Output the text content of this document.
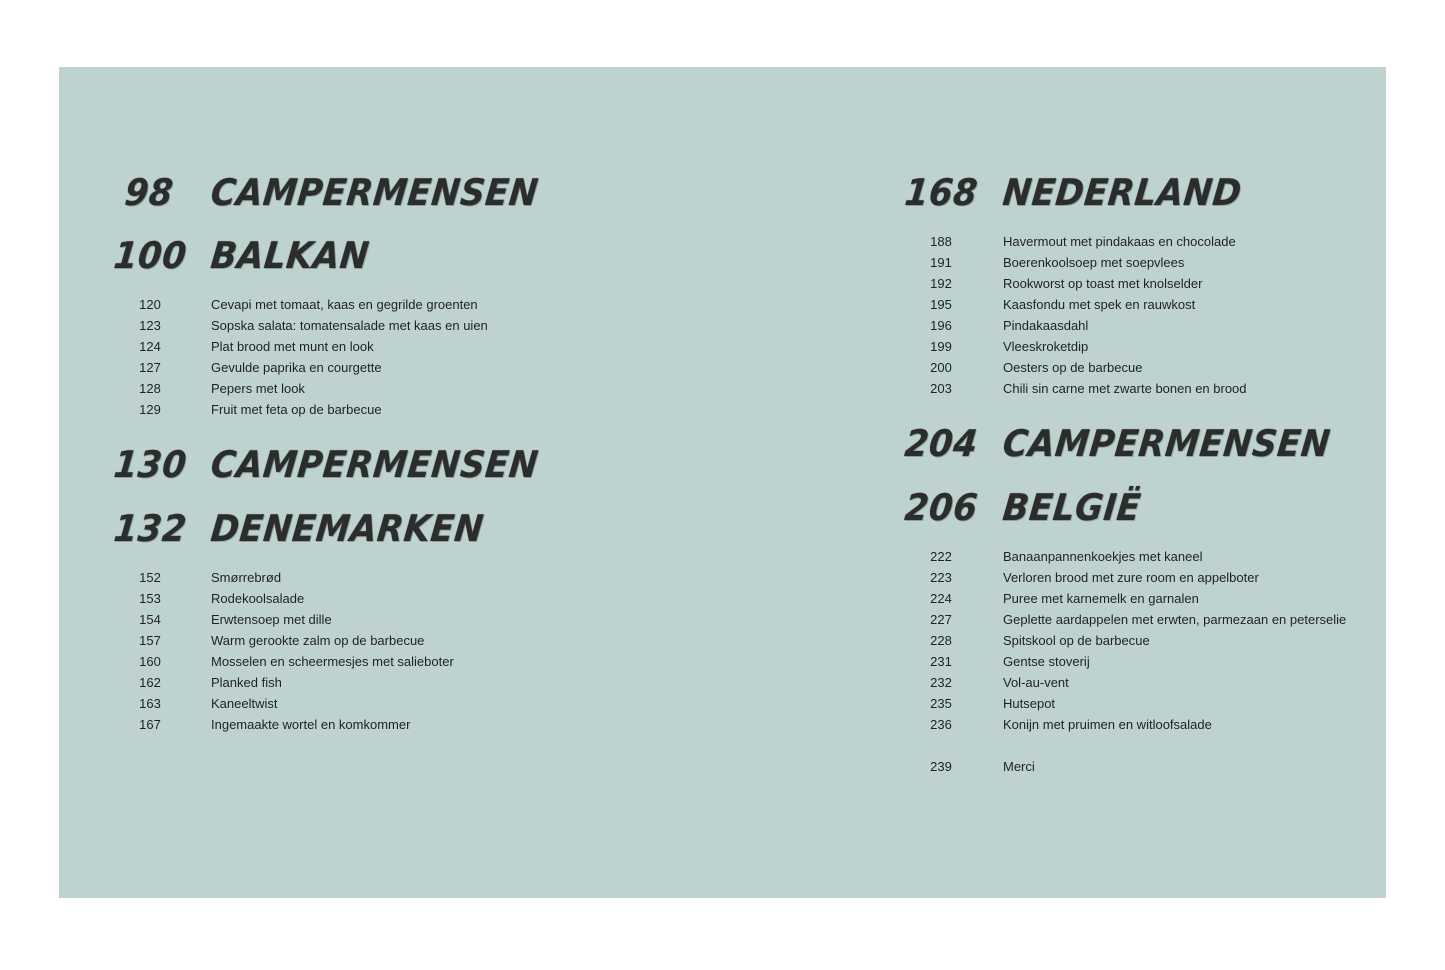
98 CAMPERMENSEN
100 BALKAN
120	Cevapi met tomaat, kaas en gegrilde groenten
123	Sopska salata: tomatensalade met kaas en uien
124	Plat brood met munt en look
127	Gevulde paprika en courgette
128	Pepers met look
129	Fruit met feta op de barbecue
130 CAMPERMENSEN
132 DENEMARKEN
152	Smørrebrød
153	Rodekoolsalade
154	Erwtensoep met dille
157	Warm gerookte zalm op de barbecue
160	Mosselen en scheermesjes met salieboter
162	Planked fish
163	Kaneeltwist
167	Ingemaakte wortel en komkommer
168 NEDERLAND
188	Havermout met pindakaas en chocolade
191	Boerenkoolsoep met soepvlees
192	Rookworst op toast met knolselder
195	Kaasfondu met spek en rauwkost
196	Pindakaasdahl
199	Vleeskroketdip
200	Oesters op de barbecue
203	Chili sin carne met zwarte bonen en brood
204 CAMPERMENSEN
206 BELGIË
222	Banaanpannenkoekjes met kaneel
223	Verloren brood met zure room en appelboter
224	Puree met karnemelk en garnalen
227	Geplette aardappelen met erwten, parmezaan en peterselie
228	Spitskool op de barbecue
231	Gentse stoverij
232	Vol-au-vent
235	Hutsepot
236	Konijn met pruimen en witloofsalade
239	Merci
